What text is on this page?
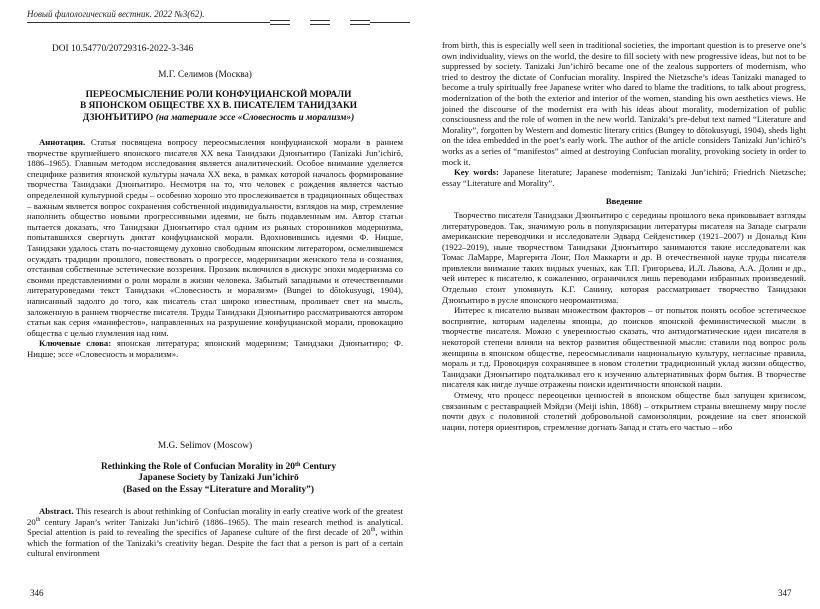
Новый филологический вестник. 2022 №3(62).
DOI 10.54770/20729316-2022-3-346
М.Г. Селимов (Москва)
ПЕРЕОСМЫСЛЕНИЕ РОЛИ КОНФУЦИАНСКОЙ МОРАЛИ
В ЯПОНСКОМ ОБЩЕСТВЕ XX В. ПИСАТЕЛЕМ ТАНИДЗАКИ
ДЗЮНЪИТИРО (на материале эссе «Словесность и морализм»)

Аннотация. Статья посвящена вопросу переосмысления конфуцианской морали в раннем творчестве крупнейшего японского писателя XX века Танидзаки Дзюнъитиро (Tanizaki Jun’ichirō, 1886–1965). Главным методом исследования является аналитический. Особое внимание уделяется специфике развития японской культуры начала XX века, в рамках которой началось формирование творчества Танидзаки Дзюнъитиро. Несмотря на то, что человек с рождения является частью определенной культурной среды – особенно хорошо это прослеживается в традиционных обществах – важным является вопрос сохранения собственной индивидуальности, взглядов на мир, стремление наполнить общество новыми прогрессивными идеями, не быть подавленным им. Автор статьи пытается доказать, что Танидзаки Дзюнъитиро стал одним из рьяных сторонников модернизма, попытавшихся свергнуть диктат конфуцианской морали. Вдохновившись идеями Ф. Ницше, Танидзаки удалось стать по-настоящему духовно свободным японским литератором, осмелившемся осуждать традиции прошлого, повествовать о прогрессе, модернизации женского тела и сознания, отстаивая собственные эстетические воззрения. Прозаик включился в дискурс эпохи модернизма со своими представлениями о роли морали в жизни человека. Забытый западными и отечественными литературоведами текст Танидзаки «Словесность и морализм» (Bungei to dōtokusyugi, 1904), написанный задолго до того, как писатель стал широко известным, проливает свет на мысль, заложенную в раннем творчестве писателя. Труды Танидзаки Дзюнъитиро рассматриваются автором статьи как серия «манифестов», направленных на разрушение конфуцианской морали, провокацию общества с целью глумления над ним.

Ключевые слова: японская литература; японский модернизм; Танидзаки Дзюнъитиро; Ф. Ницше; эссе «Словесность и морализм».

M.G. Selimov (Moscow)
Rethinking the Role of Confucian Morality in 20th Century
Japanese Society by Tanizaki Jun’ichirō
(Based on the Essay “Literature and Morality”)

Abstract. This research is about rethinking of Confucian morality in early creative work of the greatest 20th century Japan’s writer Tanizaki Jun’ichirō (1886–1965). The main research method is analytical. Special attention is paid to revealing the specifics of Japanese culture of the first decade of 20th, within which the formation of the Tanizaki’s creativity began. Despite the fact that a person is part of a certain cultural environment

346

from birth, this is especially well seen in traditional societies, the important question is to preserve one’s own individuality, views on the world, the desire to fill society with new progressive ideas, but not to be suppressed by society. Tanizaki Jun’ichirō became one of the zealous supporters of modernism, who tried to destroy the dictate of Confucian morality. Inspired the Nietzsche’s ideas Tanizaki managed to become a truly spiritually free Japanese writer who dared to blame the traditions, to talk about progress, modernization of the both the exterior and interior of the women, standing his own aesthetics views. He joined the discourse of the modernist era with his ideas about morality, modernization of public consciousness and the role of women in the new world. Tanizaki’s pre-debut text named “Literature and Morality”, forgotten by Western and domestic literary critics (Bungey to dōtokusyugi, 1904), sheds light on the idea embedded in the poet’s early work. The author of the article considers Tanizaki Jun’ichirō’s works as a series of “manifestos” aimed at destroying Confucian morality, provoking society in order to mock it.

Key words: Japanese literature; Japanese modernism; Tanizaki Jun’ichirō; Friedrich Nietzsche; essay “Literature and Morality”.

Введение

Творчество писателя Танидзаки Дзюнъитиро с середины прошлого века приковывает взгляды литературоведов. Так, значимую роль в популяризации литературы писателя на Западе сыграли американские переводчики и исследователи Эдвард Сейденстикер (1921–2007) и Дональд Кин (1922–2019), ныне творчеством Танидзаки Дзюнъитиро занимаются такие исследователи как Томас ЛаМарре, Маргерита Лонг, Пол Маккарти и др. В отечественной науке труды писателя привлекли внимание таких видных ученых, как Т.П. Григорьева, И.Л. Львова, А.А. Долин и др., чей интерес к писателю, к сожалению, ограничился лишь переводами избранных произведений. Отдельно стоит упомянуть К.Г. Санину, которая рассматривает творчество Танидзаки Дзюнъитиро в русле японского неоромантизма.

Интерес к писателю вызван множеством факторов – от попыток понять особое эстетическое восприятие, которым наделены японцы, до поисков японской феминистической мысли в творчестве писателя. Можно с уверенностью сказать, что антидогматические идеи писателя в некоторой степени влияли на вектор развития общественной мысли: ставили под вопрос роль женщины в японском обществе, переосмысливали национальную культуру, негласные правила, мораль и т.д. Провоцируя сохранявшее в новом столетии традиционный уклад жизни общество, Танидзаки Дзюнъитиро подталкивал его к изучению альтернативных форм бытия. В творчестве писателя как нигде лучше отражены поиски идентичности японской нации.

Отмечу, что процесс переоценки ценностей в японском обществе был запущен кризисом, связанным с реставрацией Мэйдзи (Meiji ishin, 1868) – открытием страны внешнему миру после почти двух с половиной столетий добровольной самоизоляции, рождение на свет японской нации, потеря ориентиров, стремление догнать Запад и стать его частью – ибо

347
